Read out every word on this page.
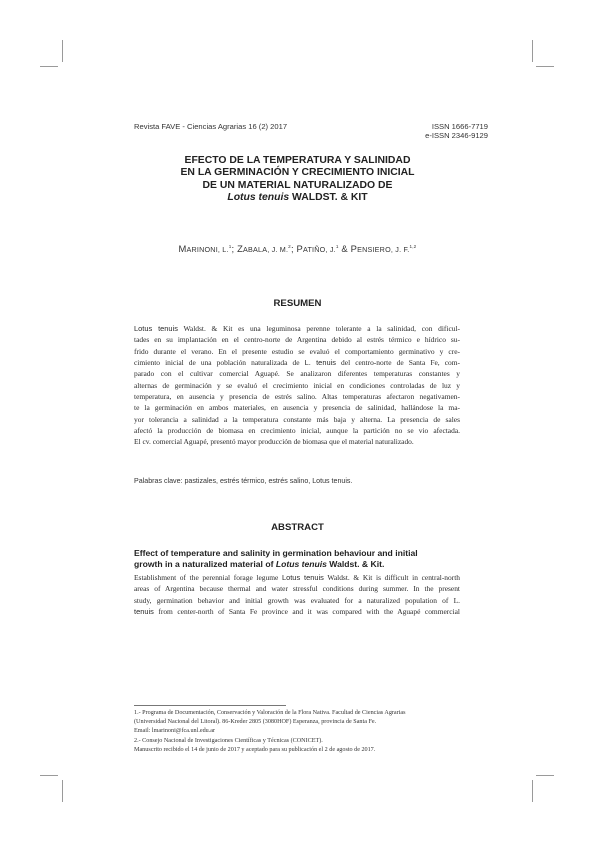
Revista FAVE - Ciencias Agrarias 16 (2) 2017	ISSN 1666-7719
e-ISSN 2346-9129
EFECTO DE LA TEMPERATURA Y SALINIDAD
EN LA GERMINACIÓN Y CRECIMIENTO INICIAL
DE UN MATERIAL NATURALIZADO DE
Lotus tenuis WALDST. & KIT
MARINONI, L.$^1$; ZABALA, J. M.$^2$; PATIÑO, J.$^1$ & PENSIERO, J. F.$^{1,2}$
RESUMEN
Lotus tenuis Waldst. & Kit es una leguminosa perenne tolerante a la salinidad, con dificul-
tades en su implantación en el centro-norte de Argentina debido al estrés térmico e hídrico su-
frido durante el verano. En el presente estudio se evaluó el comportamiento germinativo y cre-
cimiento inicial de una población naturalizada de L. tenuis del centro-norte de Santa Fe, com-
parado con el cultivar comercial Aguapé. Se analizaron diferentes temperaturas constantes y
alternas de germinación y se evaluó el crecimiento inicial en condiciones controladas de luz y
temperatura, en ausencia y presencia de estrés salino. Altas temperaturas afectaron negativamen-
te la germinación en ambos materiales, en ausencia y presencia de salinidad, hallándose la ma-
yor tolerancia a salinidad a la temperatura constante más baja y alterna. La presencia de sales
afectó la producción de biomasa en crecimiento inicial, aunque la partición no se vio afectada.
El cv. comercial Aguapé, presentó mayor producción de biomasa que el material naturalizado.
Palabras clave: pastizales, estrés térmico, estrés salino, Lotus tenuis.
ABSTRACT
Effect of temperature and salinity in germination behaviour and initial
growth in a naturalized material of Lotus tenuis Waldst. & Kit.
Establishment of the perennial forage legume Lotus tenuis Waldst. & Kit is difficult in central-north
areas of Argentina because thermal and water stressful conditions during summer. In the present
study, germination behavior and initial growth was evaluated for a naturalized population of L.
tenuis from center-north of Santa Fe province and it was compared with the Aguapé commercial
1.- Programa de Documentación, Conservación y Valoración de la Flora Nativa. Facultad de Ciencias Agrarias
(Universidad Nacional del Litoral). 86-Kreder 2805 (3080HOF) Esperanza, provincia de Santa Fe.
Email: lmarinoni@fca.unl.edu.ar
2.- Consejo Nacional de Investigaciones Científicas y Técnicas (CONICET).
Manuscrito recibido el 14 de junio de 2017 y aceptado para su publicación el 2 de agosto de 2017.
